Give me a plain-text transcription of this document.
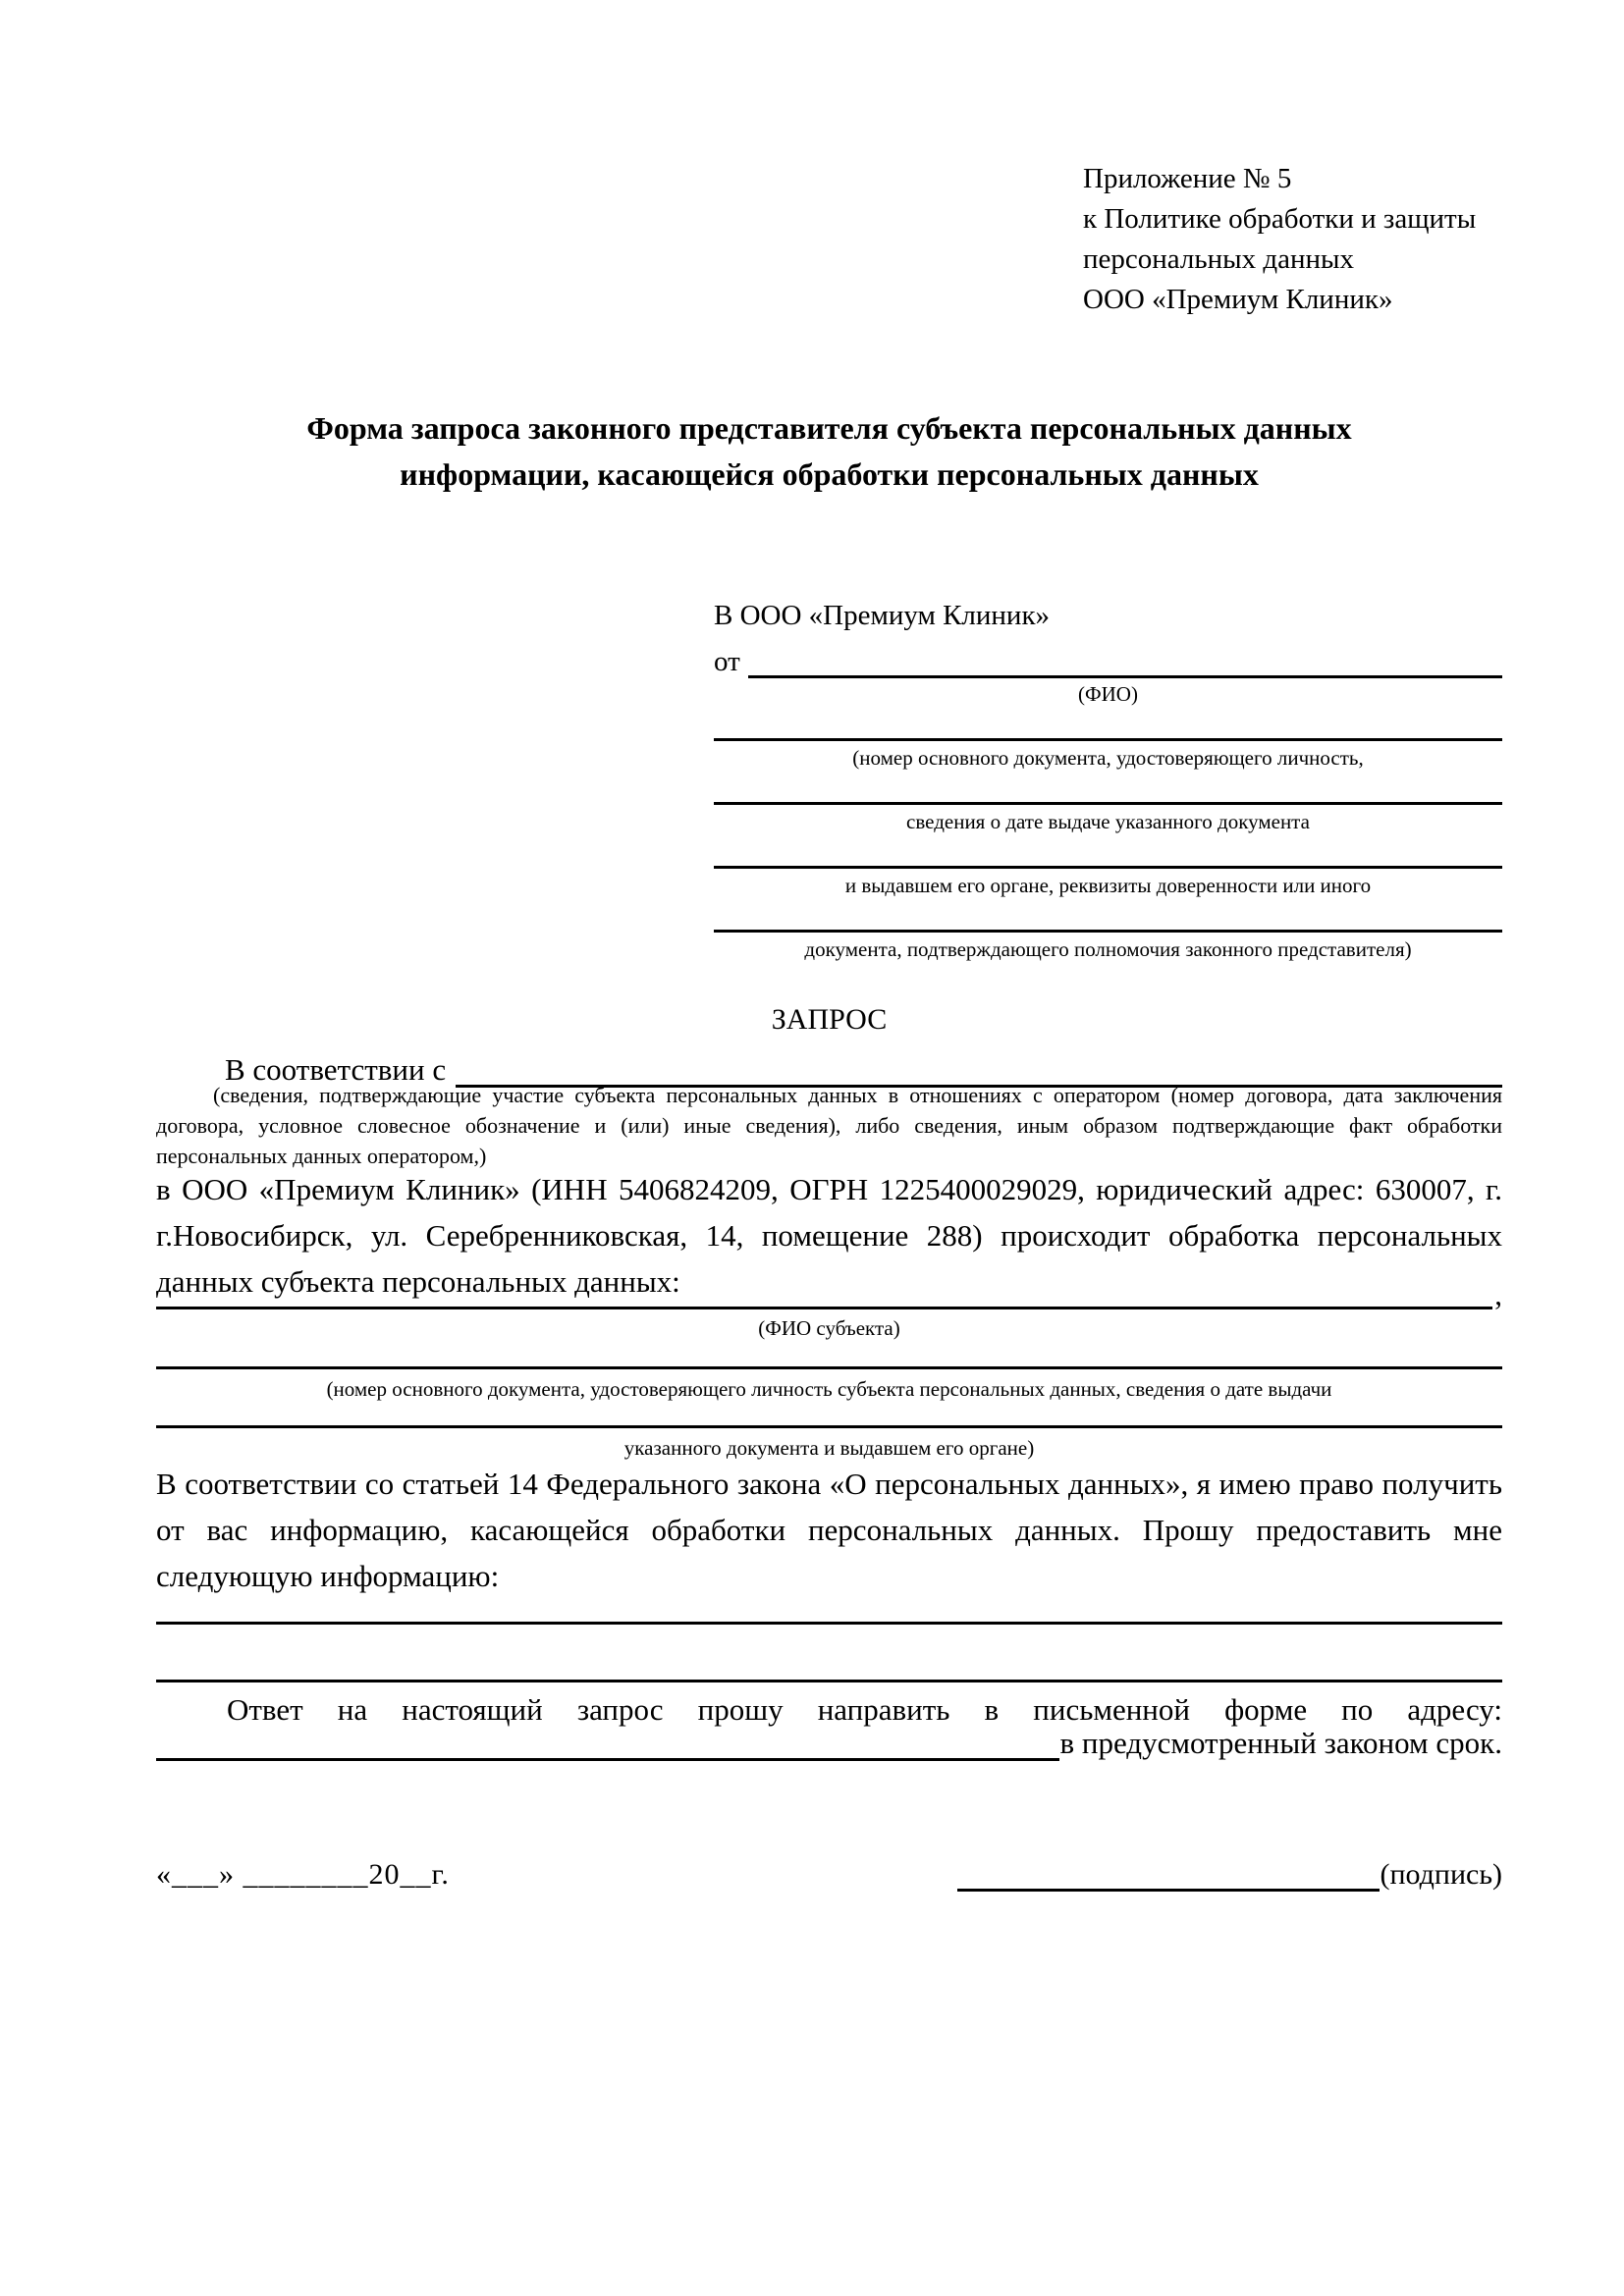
Приложение № 5
к Политике обработки и защиты
персональных данных
ООО «Премиум Клиник»
Форма запроса законного представителя субъекта персональных данных
информации, касающейся обработки персональных данных
В ООО «Премиум Клиник»
от
(ФИО)
(номер основного документа, удостоверяющего личность,
сведения о дате выдаче указанного документа
и выдавшем его органе, реквизиты доверенности или иного
документа, подтверждающего полномочия законного представителя)
ЗАПРОС
В соответствии с
(сведения, подтверждающие участие субъекта персональных данных в отношениях с оператором (номер договора, дата заключения договора, условное словесное обозначение и (или) иные сведения), либо сведения, иным образом подтверждающие факт обработки персональных данных оператором,)
в ООО «Премиум Клиник» (ИНН 5406824209, ОГРН 1225400029029, юридический адрес: 630007, г. г.Новосибирск, ул. Серебренниковская, 14, помещение 288) происходит обработка персональных данных субъекта персональных данных:	,
(ФИО субъекта)
(номер основного документа, удостоверяющего личность субъекта персональных данных, сведения о дате выдачи
указанного документа и выдавшем его органе)
В соответствии со статьей 14 Федерального закона «О персональных данных», я имею право получить от вас информацию, касающейся обработки персональных данных. Прошу предоставить мне следующую информацию:
Ответ на настоящий запрос прошу направить в письменной форме по адресу:
в предусмотренный законом срок.
«___» ________20__г.	(подпись)
